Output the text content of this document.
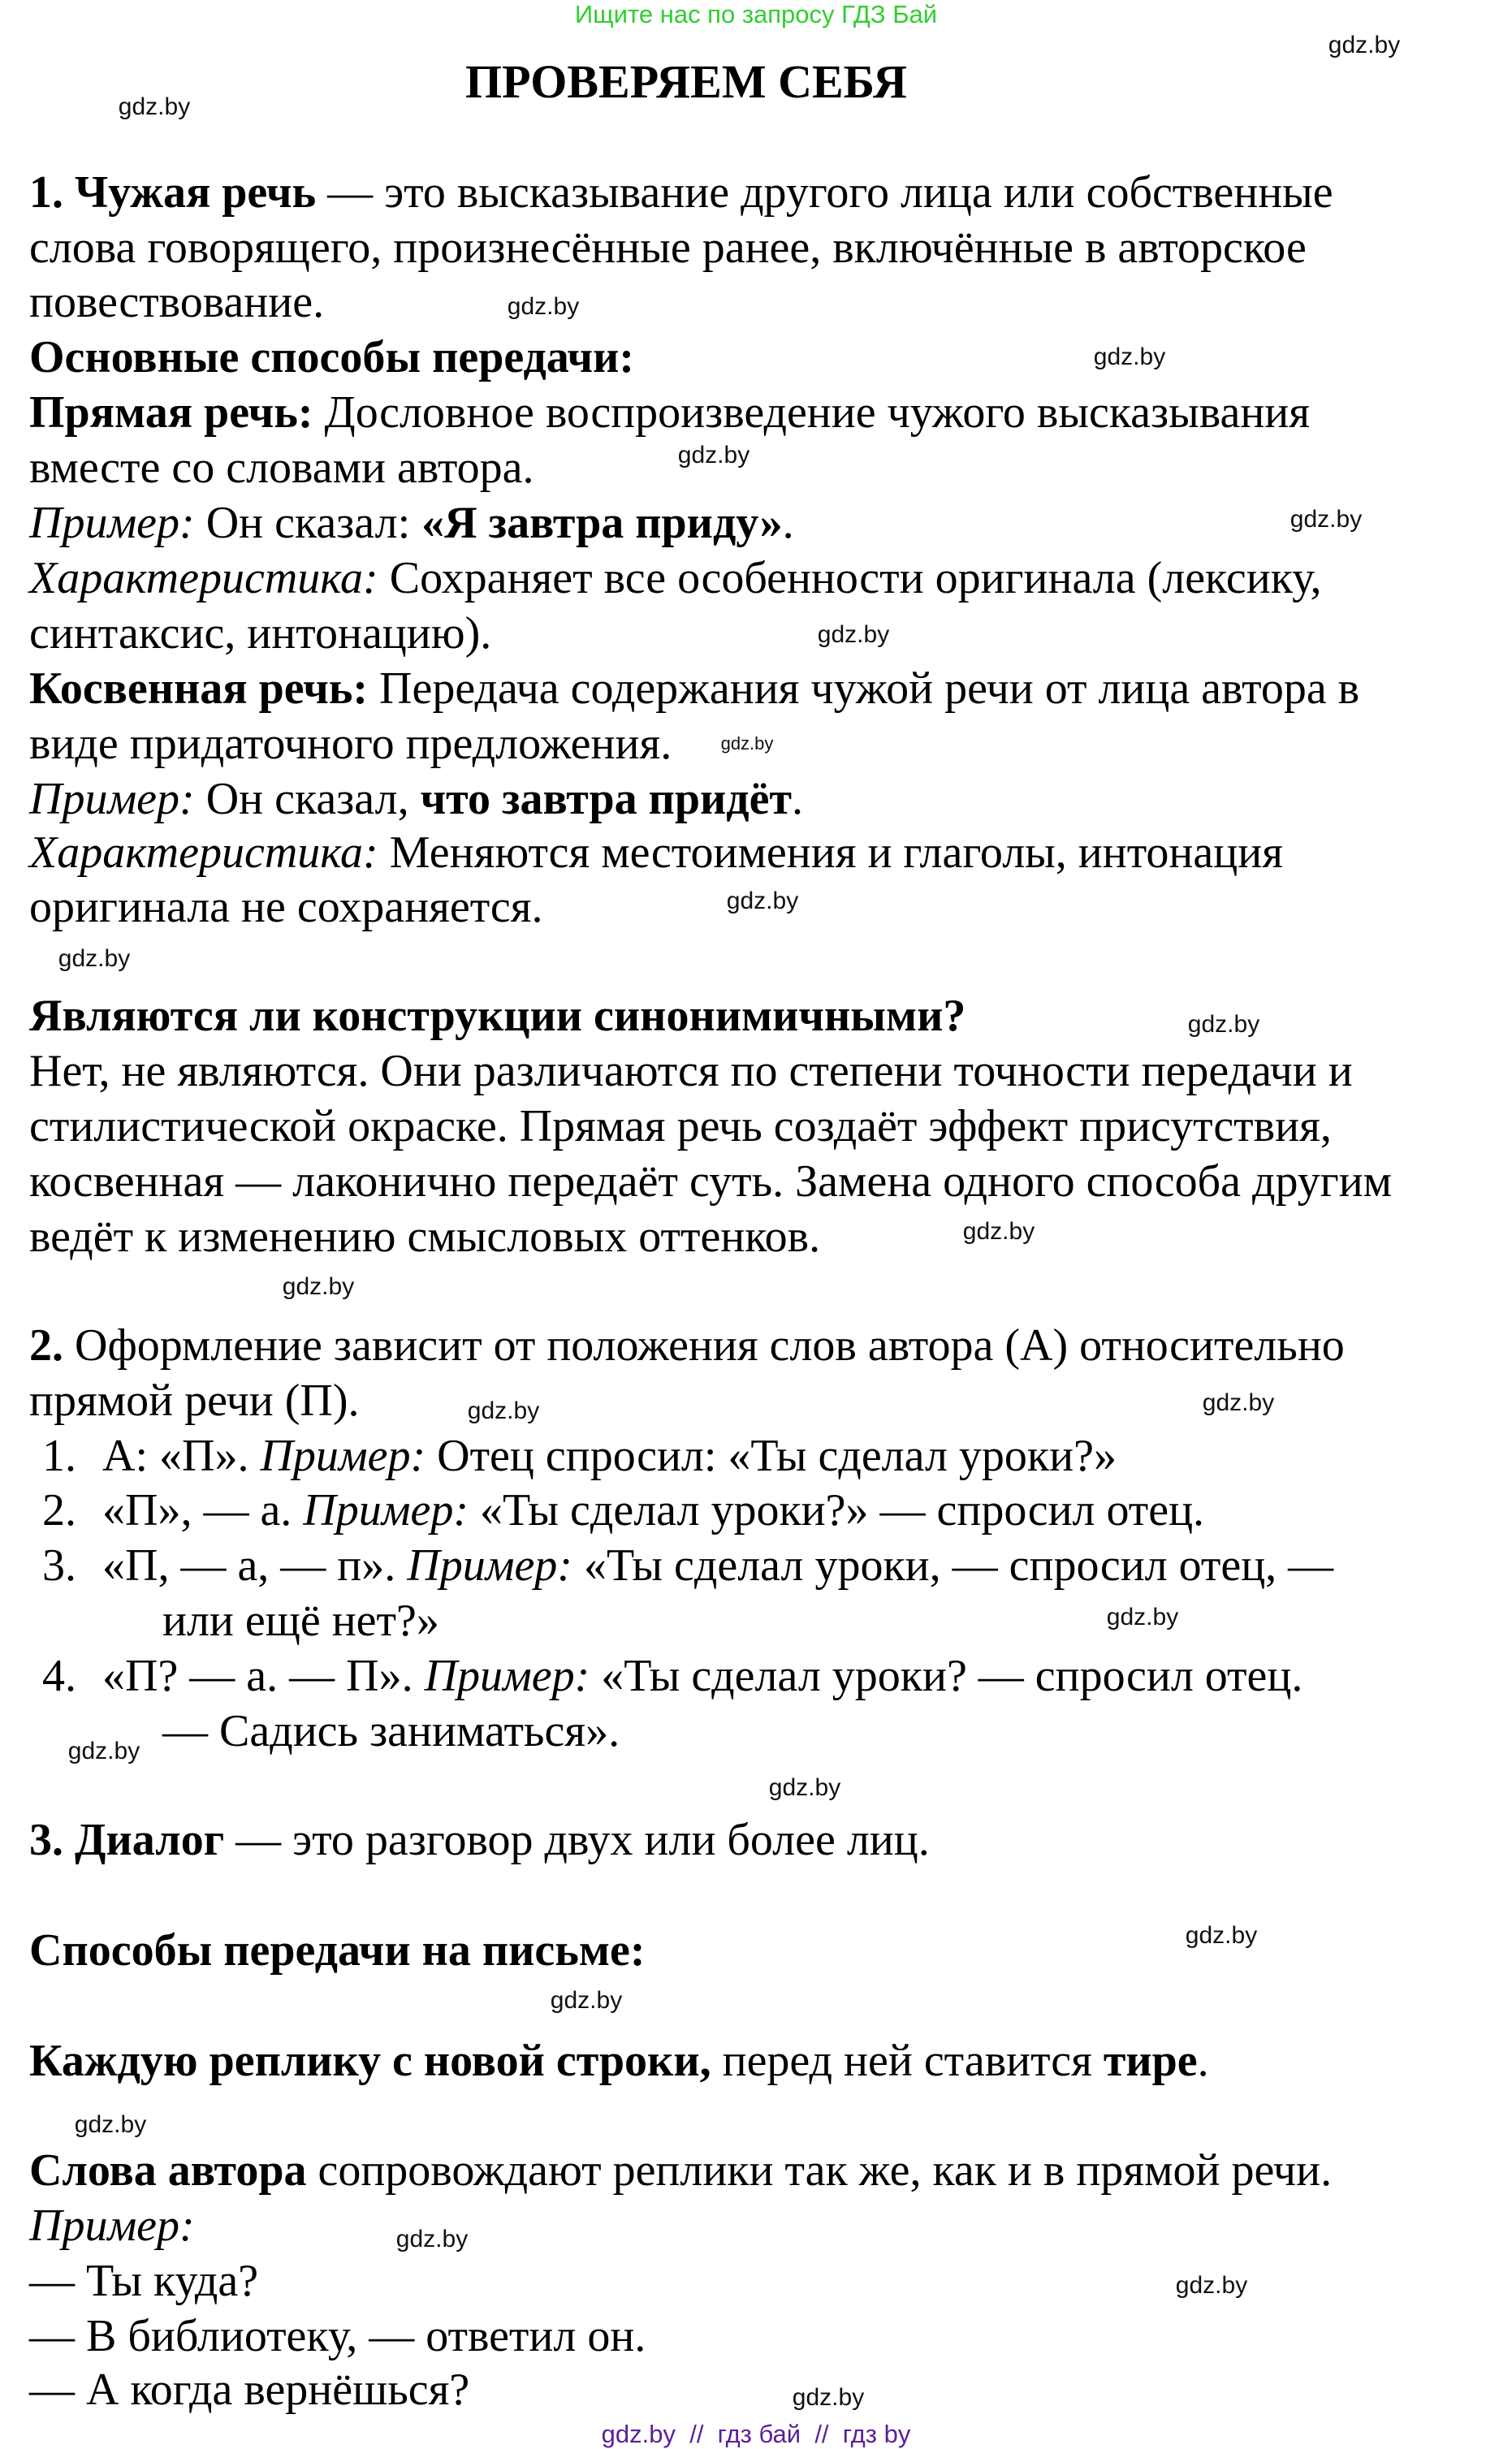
Ищите нас по запросу ГДЗ Бай
ПРОВЕРЯЕМ СЕБЯ
1. Чужая речь — это высказывание другого лица или собственные
слова говорящего, произнесённые ранее, включённые в авторское
повествование.
Основные способы передачи:
Прямая речь: Дословное воспроизведение чужого высказывания
вместе со словами автора.
Пример: Он сказал: «Я завтра приду».
Характеристика: Сохраняет все особенности оригинала (лексику,
синтаксис, интонацию).
Косвенная речь: Передача содержания чужой речи от лица автора в
виде придаточного предложения.
Пример: Он сказал, что завтра придёт.
Характеристика: Меняются местоимения и глаголы, интонация
оригинала не сохраняется.
Являются ли конструкции синонимичными?
Нет, не являются. Они различаются по степени точности передачи и
стилистической окраске. Прямая речь создаёт эффект присутствия,
косвенная — лаконично передаёт суть. Замена одного способа другим
ведёт к изменению смысловых оттенков.
2. Оформление зависит от положения слов автора (А) относительно
прямой речи (П).
1. А: «П». Пример: Отец спросил: «Ты сделал уроки?»
2. «П», — а. Пример: «Ты сделал уроки?» — спросил отец.
3. «П, — а, — п». Пример: «Ты сделал уроки, — спросил отец, —
или ещё нет?»
4. «П? — а. — П». Пример: «Ты сделал уроки? — спросил отец.
— Садись заниматься».
3. Диалог — это разговор двух или более лиц.
Способы передачи на письме:
Каждую реплику с новой строки, перед ней ставится тире.
Слова автора сопровождают реплики так же, как и в прямой речи.
Пример:
— Ты куда?
— В библиотеку, — ответил он.
— А когда вернёшься?
gdz.by
gdz.by
gdz.by
gdz.by
gdz.by
gdz.by
gdz.by
gdz.by
gdz.by
gdz.by
gdz.by
gdz.by
gdz.by
gdz.by
gdz.by
gdz.by
gdz.by
gdz.by
gdz.by
gdz.by
gdz.by
gdz.by
gdz.by
gdz.by
gdz.by  //  гдз бай  //  гдз by
